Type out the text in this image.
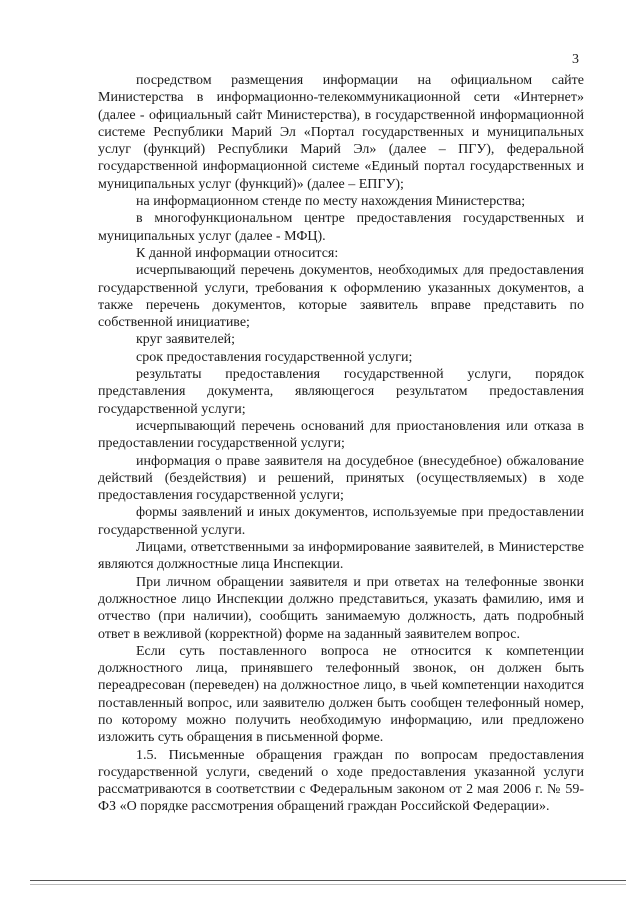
3

посредством размещения информации на официальном сайте Министерства в информационно-телекоммуникационной сети «Интернет» (далее - официальный сайт Министерства), в государственной информационной системе Республики Марий Эл «Портал государственных и муниципальных услуг (функций) Республики Марий Эл» (далее – ПГУ), федеральной государственной информационной системе «Единый портал государственных и муниципальных услуг (функций)» (далее – ЕПГУ);

на информационном стенде по месту нахождения Министерства;

в многофункциональном центре предоставления государственных и муниципальных услуг (далее - МФЦ).

К данной информации относится:

исчерпывающий перечень документов, необходимых для предоставления государственной услуги, требования к оформлению указанных документов, а также перечень документов, которые заявитель вправе представить по собственной инициативе;

круг заявителей;

срок предоставления государственной услуги;

результаты предоставления государственной услуги, порядок представления документа, являющегося результатом предоставления государственной услуги;

исчерпывающий перечень оснований для приостановления или отказа в предоставлении государственной услуги;

информация о праве заявителя на досудебное (внесудебное) обжалование действий (бездействия) и решений, принятых (осуществляемых) в ходе предоставления государственной услуги;

формы заявлений и иных документов, используемые при предоставлении государственной услуги.

Лицами, ответственными за информирование заявителей, в Министерстве являются должностные лица Инспекции.

При личном обращении заявителя и при ответах на телефонные звонки должностное лицо Инспекции должно представиться, указать фамилию, имя и отчество (при наличии), сообщить занимаемую должность, дать подробный ответ в вежливой (корректной) форме на заданный заявителем вопрос.

Если суть поставленного вопроса не относится к компетенции должностного лица, принявшего телефонный звонок, он должен быть переадресован (переведен) на должностное лицо, в чьей компетенции находится поставленный вопрос, или заявителю должен быть сообщен телефонный номер, по которому можно получить необходимую информацию, или предложено изложить суть обращения в письменной форме.

1.5. Письменные обращения граждан по вопросам предоставления государственной услуги, сведений о ходе предоставления указанной услуги рассматриваются в соответствии с Федеральным законом от 2 мая 2006 г. № 59-ФЗ «О порядке рассмотрения обращений граждан Российской Федерации».
